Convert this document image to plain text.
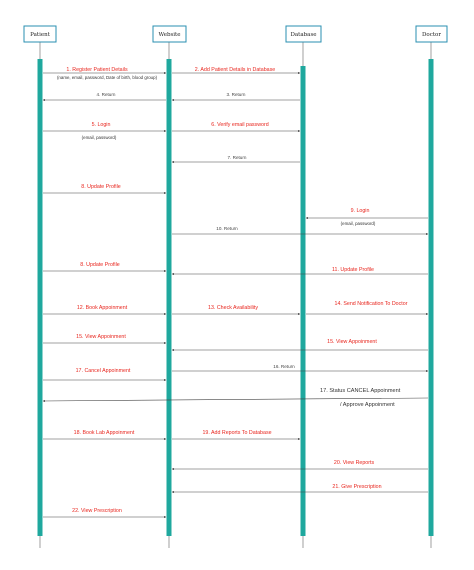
Patient	Website	Database	Doctor
1. Register Patient Details
(name, email, password, Date of birth, blood group)
2. Add Patient Details in Database
3. Return
4. Return
5. Login
(email, password)
6. Verify email password
7. Return
8. Update Profile
9. Login
(email, password)
10. Return
8. Update Profile
11. Update Profile
12. Book Appoinment	13. Check Availability
14. Send Notification To Doctor
15. View Appoinment
15. View Appoinment
17. Cancel Appoinment
16. Return
17. Status CANCEL Appoinment
/ Approve Appoinment
18. Book Lab Appoinment	19. Add Reports To Database
20. View Reports
21. Give Prescription
22. View Prescription
